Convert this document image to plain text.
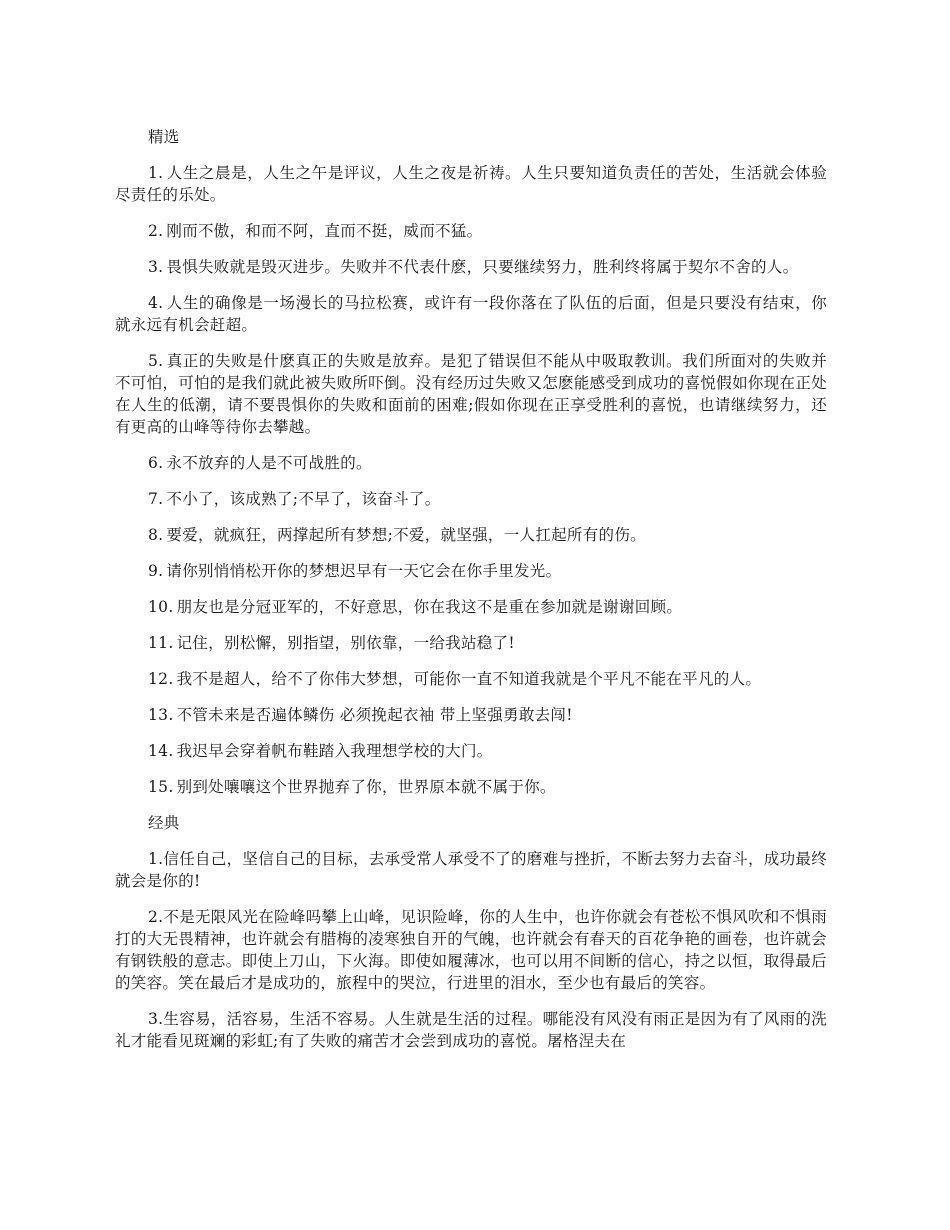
精选
1. 人生之晨是，人生之午是评议，人生之夜是祈祷。人生只要知道负责任的苦处，生活就会体验尽责任的乐处。
2. 刚而不傲，和而不阿，直而不挺，威而不猛。
3. 畏惧失败就是毁灭进步。失败并不代表什麽，只要继续努力，胜利终将属于契尔不舍的人。
4. 人生的确像是一场漫长的马拉松赛，或许有一段你落在了队伍的后面，但是只要没有结束，你就永远有机会赶超。
5. 真正的失败是什麽真正的失败是放弃。是犯了错误但不能从中吸取教训。我们所面对的失败并不可怕，可怕的是我们就此被失败所吓倒。没有经历过失败又怎麽能感受到成功的喜悦假如你现在正处在人生的低潮，请不要畏惧你的失败和面前的困难;假如你现在正享受胜利的喜悦，也请继续努力，还有更高的山峰等待你去攀越。
6. 永不放弃的人是不可战胜的。
7. 不小了，该成熟了;不早了，该奋斗了。
8. 要爱，就疯狂，两撑起所有梦想;不爱，就坚强，一人扛起所有的伤。
9. 请你别悄悄松开你的梦想迟早有一天它会在你手里发光。
10. 朋友也是分冠亚军的，不好意思，你在我这不是重在参加就是谢谢回顾。
11. 记住，别松懈，别指望，别依靠，一给我站稳了!
12. 我不是超人，给不了你伟大梦想，可能你一直不知道我就是个平凡不能在平凡的人。
13. 不管未来是否遍体鳞伤 必须挽起衣袖 带上坚强勇敢去闯!
14. 我迟早会穿着帆布鞋踏入我理想学校的大门。
15. 别到处嚷嚷这个世界抛弃了你，世界原本就不属于你。
经典
1.信任自己，坚信自己的目标，去承受常人承受不了的磨难与挫折，不断去努力去奋斗，成功最终就会是你的!
2.不是无限风光在险峰吗攀上山峰，见识险峰，你的人生中，也许你就会有苍松不惧风吹和不惧雨打的大无畏精神，也许就会有腊梅的凌寒独自开的气魄，也许就会有春天的百花争艳的画卷，也许就会有钢铁般的意志。即使上刀山，下火海。即使如履薄冰，也可以用不间断的信心，持之以恒，取得最后的笑容。笑在最后才是成功的，旅程中的哭泣，行进里的泪水，至少也有最后的笑容。
3.生容易，活容易，生活不容易。人生就是生活的过程。哪能没有风没有雨正是因为有了风雨的洗礼才能看见斑斓的彩虹;有了失败的痛苦才会尝到成功的喜悦。屠格涅夫在
